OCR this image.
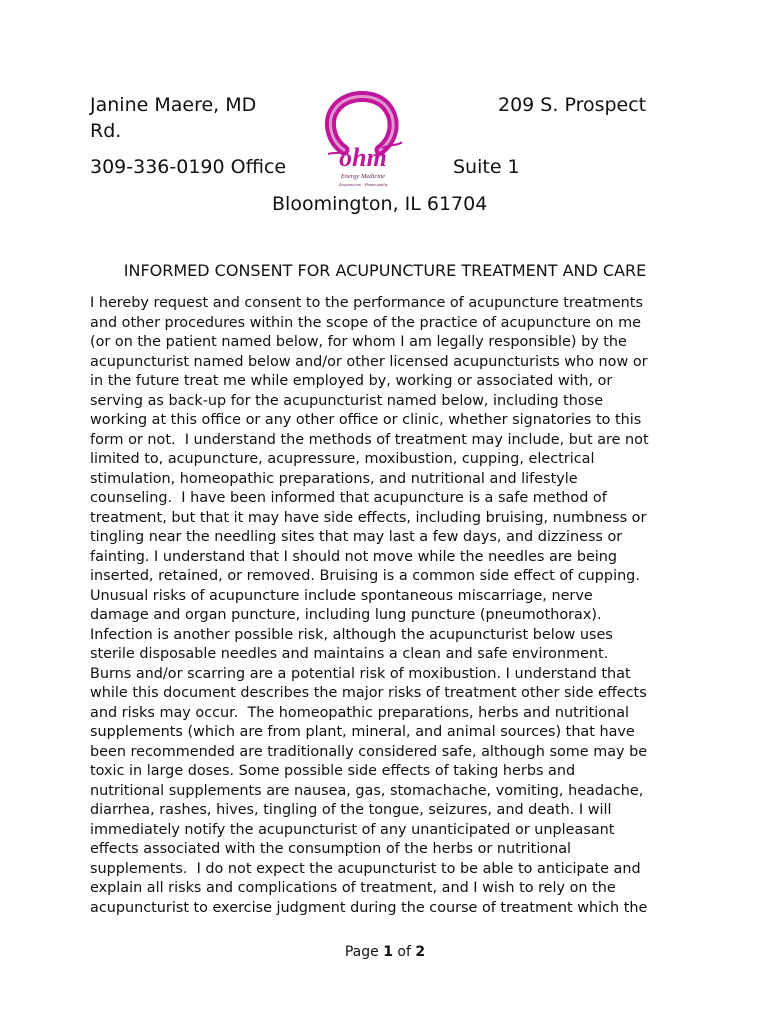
Janine Maere, MD	209 S. Prospect
Rd.
309-336-0190 Office	Suite 1
Bloomington, IL 61704
ohm
Energy Medicine
Acupuncture · Homeopathy
INFORMED CONSENT FOR ACUPUNCTURE TREATMENT AND CARE
I hereby request and consent to the performance of acupuncture treatments
and other procedures within the scope of the practice of acupuncture on me
(or on the patient named below, for whom I am legally responsible) by the
acupuncturist named below and/or other licensed acupuncturists who now or
in the future treat me while employed by, working or associated with, or
serving as back-up for the acupuncturist named below, including those
working at this office or any other office or clinic, whether signatories to this
form or not.  I understand the methods of treatment may include, but are not
limited to, acupuncture, acupressure, moxibustion, cupping, electrical
stimulation, homeopathic preparations, and nutritional and lifestyle
counseling.  I have been informed that acupuncture is a safe method of
treatment, but that it may have side effects, including bruising, numbness or
tingling near the needling sites that may last a few days, and dizziness or
fainting. I understand that I should not move while the needles are being
inserted, retained, or removed. Bruising is a common side effect of cupping.
Unusual risks of acupuncture include spontaneous miscarriage, nerve
damage and organ puncture, including lung puncture (pneumothorax).
Infection is another possible risk, although the acupuncturist below uses
sterile disposable needles and maintains a clean and safe environment.
Burns and/or scarring are a potential risk of moxibustion. I understand that
while this document describes the major risks of treatment other side effects
and risks may occur.  The homeopathic preparations, herbs and nutritional
supplements (which are from plant, mineral, and animal sources) that have
been recommended are traditionally considered safe, although some may be
toxic in large doses. Some possible side effects of taking herbs and
nutritional supplements are nausea, gas, stomachache, vomiting, headache,
diarrhea, rashes, hives, tingling of the tongue, seizures, and death. I will
immediately notify the acupuncturist of any unanticipated or unpleasant
effects associated with the consumption of the herbs or nutritional
supplements.  I do not expect the acupuncturist to be able to anticipate and
explain all risks and complications of treatment, and I wish to rely on the
acupuncturist to exercise judgment during the course of treatment which the
Page 1 of 2
